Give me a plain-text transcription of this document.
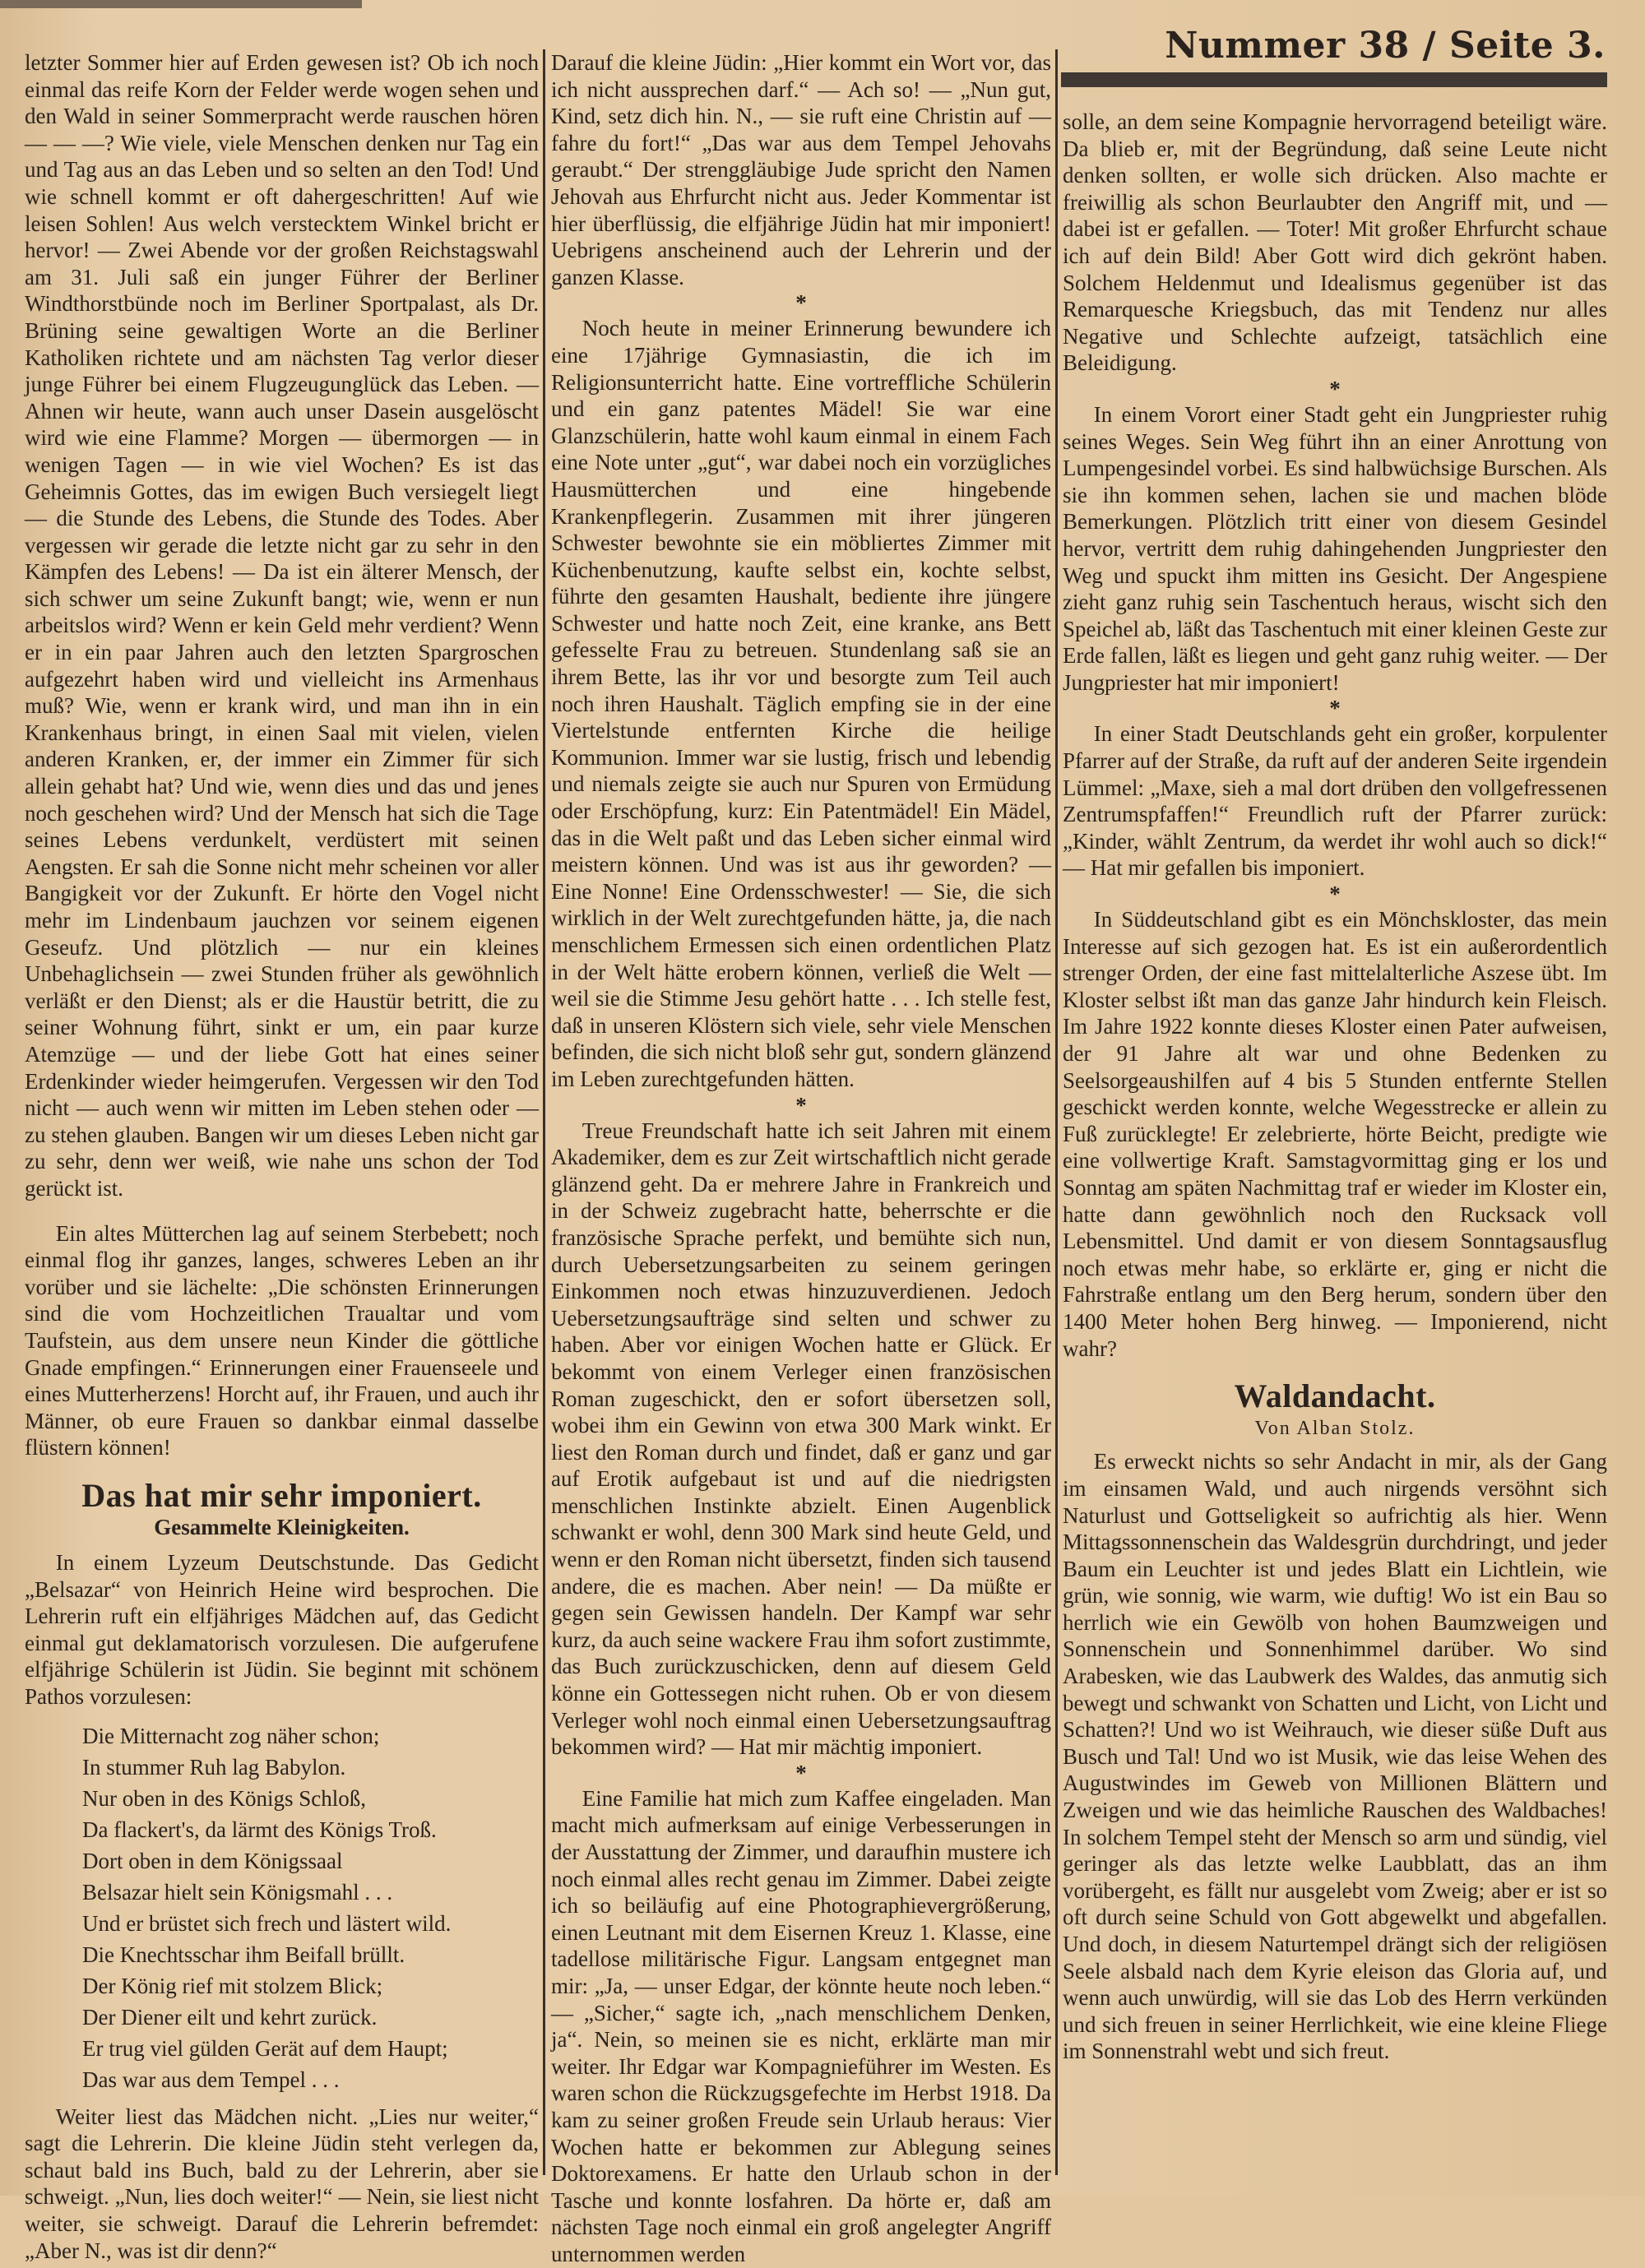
Nummer 38 / Seite 3.

letzter Sommer hier auf Erden gewesen ist? Ob ich noch einmal das reife Korn der Felder werde wogen sehen und den Wald in seiner Sommerpracht werde rauschen hören — — —? Wie viele, viele Menschen denken nur Tag ein und Tag aus an das Leben und so selten an den Tod! Und wie schnell kommt er oft dahergeschritten! Auf wie leisen Sohlen! Aus welch verstecktem Winkel bricht er hervor! — Zwei Abende vor der großen Reichstagswahl am 31. Juli saß ein junger Führer der Berliner Windthorstbünde noch im Berliner Sportpalast, als Dr. Brüning seine gewaltigen Worte an die Berliner Katholiken richtete und am nächsten Tag verlor dieser junge Führer bei einem Flugzeugunglück das Leben. — Ahnen wir heute, wann auch unser Dasein ausgelöscht wird wie eine Flamme? Morgen — übermorgen — in wenigen Tagen — in wie viel Wochen? Es ist das Geheimnis Gottes, das im ewigen Buch versiegelt liegt — die Stunde des Lebens, die Stunde des Todes. Aber vergessen wir gerade die letzte nicht gar zu sehr in den Kämpfen des Lebens! — Da ist ein älterer Mensch, der sich schwer um seine Zukunft bangt; wie, wenn er nun arbeitslos wird? Wenn er kein Geld mehr verdient? Wenn er in ein paar Jahren auch den letzten Spargroschen aufgezehrt haben wird und vielleicht ins Armenhaus muß? Wie, wenn er krank wird, und man ihn in ein Krankenhaus bringt, in einen Saal mit vielen, vielen anderen Kranken, er, der immer ein Zimmer für sich allein gehabt hat? Und wie, wenn dies und das und jenes noch geschehen wird? Und der Mensch hat sich die Tage seines Lebens verdunkelt, verdüstert mit seinen Aengsten. Er sah die Sonne nicht mehr scheinen vor aller Bangigkeit vor der Zukunft. Er hörte den Vogel nicht mehr im Lindenbaum jauchzen vor seinem eigenen Geseufz. Und plötzlich — nur ein kleines Unbehaglichsein — zwei Stunden früher als gewöhnlich verläßt er den Dienst; als er die Haustür betritt, die zu seiner Wohnung führt, sinkt er um, ein paar kurze Atemzüge — und der liebe Gott hat eines seiner Erdenkinder wieder heimgerufen. Vergessen wir den Tod nicht — auch wenn wir mitten im Leben stehen oder — zu stehen glauben. Bangen wir um dieses Leben nicht gar zu sehr, denn wer weiß, wie nahe uns schon der Tod gerückt ist.

Ein altes Mütterchen lag auf seinem Sterbebett; noch einmal flog ihr ganzes, langes, schweres Leben an ihr vorüber und sie lächelte: „Die schönsten Erinnerungen sind die vom Hochzeitlichen Traualtar und vom Taufstein, aus dem unsere neun Kinder die göttliche Gnade empfingen.“ Erinnerungen einer Frauenseele und eines Mutterherzens! Horcht auf, ihr Frauen, und auch ihr Männer, ob eure Frauen so dankbar einmal dasselbe flüstern können!

Das hat mir sehr imponiert.
Gesammelte Kleinigkeiten.

In einem Lyzeum Deutschstunde. Das Gedicht „Belsazar“ von Heinrich Heine wird besprochen. Die Lehrerin ruft ein elfjähriges Mädchen auf, das Gedicht einmal gut deklamatorisch vorzulesen. Die aufgerufene elfjährige Schülerin ist Jüdin. Sie beginnt mit schönem Pathos vorzulesen:

Die Mitternacht zog näher schon;
In stummer Ruh lag Babylon.
Nur oben in des Königs Schloß,
Da flackert's, da lärmt des Königs Troß.
Dort oben in dem Königssaal
Belsazar hielt sein Königsmahl . . .
Und er brüstet sich frech und lästert wild.
Die Knechtsschar ihm Beifall brüllt.
Der König rief mit stolzem Blick;
Der Diener eilt und kehrt zurück.
Er trug viel gülden Gerät auf dem Haupt;
Das war aus dem Tempel . . .

Weiter liest das Mädchen nicht. „Lies nur weiter,“ sagt die Lehrerin. Die kleine Jüdin steht verlegen da, schaut bald ins Buch, bald zu der Lehrerin, aber sie schweigt. „Nun, lies doch weiter!“ — Nein, sie liest nicht weiter, sie schweigt. Darauf die Lehrerin befremdet: „Aber N., was ist dir denn?“

Darauf die kleine Jüdin: „Hier kommt ein Wort vor, das ich nicht aussprechen darf.“ — Ach so! — „Nun gut, Kind, setz dich hin. N., — sie ruft eine Christin auf — fahre du fort!“ „Das war aus dem Tempel Jehovahs geraubt.“ Der strenggläubige Jude spricht den Namen Jehovah aus Ehrfurcht nicht aus. Jeder Kommentar ist hier überflüssig, die elfjährige Jüdin hat mir imponiert! Uebrigens anscheinend auch der Lehrerin und der ganzen Klasse.

*

Noch heute in meiner Erinnerung bewundere ich eine 17jährige Gymnasiastin, die ich im Religionsunterricht hatte. Eine vortreffliche Schülerin und ein ganz patentes Mädel! Sie war eine Glanzschülerin, hatte wohl kaum einmal in einem Fach eine Note unter „gut“, war dabei noch ein vorzügliches Hausmütterchen und eine hingebende Krankenpflegerin. Zusammen mit ihrer jüngeren Schwester bewohnte sie ein möbliertes Zimmer mit Küchenbenutzung, kaufte selbst ein, kochte selbst, führte den gesamten Haushalt, bediente ihre jüngere Schwester und hatte noch Zeit, eine kranke, ans Bett gefesselte Frau zu betreuen. Stundenlang saß sie an ihrem Bette, las ihr vor und besorgte zum Teil auch noch ihren Haushalt. Täglich empfing sie in der eine Viertelstunde entfernten Kirche die heilige Kommunion. Immer war sie lustig, frisch und lebendig und niemals zeigte sie auch nur Spuren von Ermüdung oder Erschöpfung, kurz: Ein Patentmädel! Ein Mädel, das in die Welt paßt und das Leben sicher einmal wird meistern können. Und was ist aus ihr geworden? — Eine Nonne! Eine Ordensschwester! — Sie, die sich wirklich in der Welt zurechtgefunden hätte, ja, die nach menschlichem Ermessen sich einen ordentlichen Platz in der Welt hätte erobern können, verließ die Welt — weil sie die Stimme Jesu gehört hatte . . . Ich stelle fest, daß in unseren Klöstern sich viele, sehr viele Menschen befinden, die sich nicht bloß sehr gut, sondern glänzend im Leben zurechtgefunden hätten.

*

Treue Freundschaft hatte ich seit Jahren mit einem Akademiker, dem es zur Zeit wirtschaftlich nicht gerade glänzend geht. Da er mehrere Jahre in Frankreich und in der Schweiz zugebracht hatte, beherrschte er die französische Sprache perfekt, und bemühte sich nun, durch Uebersetzungsarbeiten zu seinem geringen Einkommen noch etwas hinzuzuverdienen. Jedoch Uebersetzungsaufträge sind selten und schwer zu haben. Aber vor einigen Wochen hatte er Glück. Er bekommt von einem Verleger einen französischen Roman zugeschickt, den er sofort übersetzen soll, wobei ihm ein Gewinn von etwa 300 Mark winkt. Er liest den Roman durch und findet, daß er ganz und gar auf Erotik aufgebaut ist und auf die niedrigsten menschlichen Instinkte abzielt. Einen Augenblick schwankt er wohl, denn 300 Mark sind heute Geld, und wenn er den Roman nicht übersetzt, finden sich tausend andere, die es machen. Aber nein! — Da müßte er gegen sein Gewissen handeln. Der Kampf war sehr kurz, da auch seine wackere Frau ihm sofort zustimmte, das Buch zurückzuschicken, denn auf diesem Geld könne ein Gottessegen nicht ruhen. Ob er von diesem Verleger wohl noch einmal einen Uebersetzungsauftrag bekommen wird? — Hat mir mächtig imponiert.

*

Eine Familie hat mich zum Kaffee eingeladen. Man macht mich aufmerksam auf einige Verbesserungen in der Ausstattung der Zimmer, und daraufhin mustere ich noch einmal alles recht genau im Zimmer. Dabei zeigte ich so beiläufig auf eine Photographievergrößerung, einen Leutnant mit dem Eisernen Kreuz 1. Klasse, eine tadellose militärische Figur. Langsam entgegnet man mir: „Ja, — unser Edgar, der könnte heute noch leben.“ — „Sicher,“ sagte ich, „nach menschlichem Denken, ja“. Nein, so meinen sie es nicht, erklärte man mir weiter. Ihr Edgar war Kompagnieführer im Westen. Es waren schon die Rückzugsgefechte im Herbst 1918. Da kam zu seiner großen Freude sein Urlaub heraus: Vier Wochen hatte er bekommen zur Ablegung seines Doktorexamens. Er hatte den Urlaub schon in der Tasche und konnte losfahren. Da hörte er, daß am nächsten Tage noch einmal ein groß angelegter Angriff unternommen werden

solle, an dem seine Kompagnie hervorragend beteiligt wäre. Da blieb er, mit der Begründung, daß seine Leute nicht denken sollten, er wolle sich drücken. Also machte er freiwillig als schon Beurlaubter den Angriff mit, und — dabei ist er gefallen. — Toter! Mit großer Ehrfurcht schaue ich auf dein Bild! Aber Gott wird dich gekrönt haben. Solchem Heldenmut und Idealismus gegenüber ist das Remarquesche Kriegsbuch, das mit Tendenz nur alles Negative und Schlechte aufzeigt, tatsächlich eine Beleidigung.

*

In einem Vorort einer Stadt geht ein Jungpriester ruhig seines Weges. Sein Weg führt ihn an einer Anrottung von Lumpengesindel vorbei. Es sind halbwüchsige Burschen. Als sie ihn kommen sehen, lachen sie und machen blöde Bemerkungen. Plötzlich tritt einer von diesem Gesindel hervor, vertritt dem ruhig dahingehenden Jungpriester den Weg und spuckt ihm mitten ins Gesicht. Der Angespiene zieht ganz ruhig sein Taschentuch heraus, wischt sich den Speichel ab, läßt das Taschentuch mit einer kleinen Geste zur Erde fallen, läßt es liegen und geht ganz ruhig weiter. — Der Jungpriester hat mir imponiert!

*

In einer Stadt Deutschlands geht ein großer, korpulenter Pfarrer auf der Straße, da ruft auf der anderen Seite irgendein Lümmel: „Maxe, sieh a mal dort drüben den vollgefressenen Zentrumspfaffen!“ Freundlich ruft der Pfarrer zurück: „Kinder, wählt Zentrum, da werdet ihr wohl auch so dick!“ — Hat mir gefallen bis imponiert.

*

In Süddeutschland gibt es ein Mönchskloster, das mein Interesse auf sich gezogen hat. Es ist ein außerordentlich strenger Orden, der eine fast mittelalterliche Aszese übt. Im Kloster selbst ißt man das ganze Jahr hindurch kein Fleisch. Im Jahre 1922 konnte dieses Kloster einen Pater aufweisen, der 91 Jahre alt war und ohne Bedenken zu Seelsorgeaushilfen auf 4 bis 5 Stunden entfernte Stellen geschickt werden konnte, welche Wegesstrecke er allein zu Fuß zurücklegte! Er zelebrierte, hörte Beicht, predigte wie eine vollwertige Kraft. Samstagvormittag ging er los und Sonntag am späten Nachmittag traf er wieder im Kloster ein, hatte dann gewöhnlich noch den Rucksack voll Lebensmittel. Und damit er von diesem Sonntagsausflug noch etwas mehr habe, so erklärte er, ging er nicht die Fahrstraße entlang um den Berg herum, sondern über den 1400 Meter hohen Berg hinweg. — Imponierend, nicht wahr?

Waldandacht.
Von Alban Stolz.

Es erweckt nichts so sehr Andacht in mir, als der Gang im einsamen Wald, und auch nirgends versöhnt sich Naturlust und Gottseligkeit so aufrichtig als hier. Wenn Mittagssonnenschein das Waldesgrün durchdringt, und jeder Baum ein Leuchter ist und jedes Blatt ein Lichtlein, wie grün, wie sonnig, wie warm, wie duftig! Wo ist ein Bau so herrlich wie ein Gewölb von hohen Baumzweigen und Sonnenschein und Sonnenhimmel darüber. Wo sind Arabesken, wie das Laubwerk des Waldes, das anmutig sich bewegt und schwankt von Schatten und Licht, von Licht und Schatten?! Und wo ist Weihrauch, wie dieser süße Duft aus Busch und Tal! Und wo ist Musik, wie das leise Wehen des Augustwindes im Geweb von Millionen Blättern und Zweigen und wie das heimliche Rauschen des Waldbaches! In solchem Tempel steht der Mensch so arm und sündig, viel geringer als das letzte welke Laubblatt, das an ihm vorübergeht, es fällt nur ausgelebt vom Zweig; aber er ist so oft durch seine Schuld von Gott abgewelkt und abgefallen. Und doch, in diesem Naturtempel drängt sich der religiösen Seele alsbald nach dem Kyrie eleison das Gloria auf, und wenn auch unwürdig, will sie das Lob des Herrn verkünden und sich freuen in seiner Herrlichkeit, wie eine kleine Fliege im Sonnenstrahl webt und sich freut.
